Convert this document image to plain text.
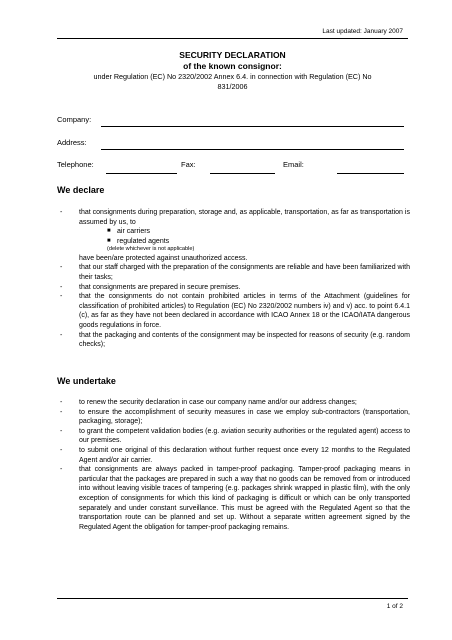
Last updated: January 2007
SECURITY DECLARATION
of the known consignor:
under Regulation (EC) No 2320/2002 Annex 6.4. in connection with Regulation (EC) No
831/2006
Company:
Address:
Telephone:	Fax:	Email:
We declare

- that consignments during preparation, storage and, as applicable, transportation, as far as transportation is assumed by us, to

■ air carriers

■ regulated agents

(delete whichever is not applicable)

have been/are protected against unauthorized access.

- that our staff charged with the preparation of the consignments are reliable and have been familiarized with their tasks;

- that consignments are prepared in secure premises.

- that the consignments do not contain prohibited articles in terms of the Attachment (guidelines for classification of prohibited articles) to Regulation (EC) No 2320/2002 numbers iv) and v) acc. to point 6.4.1 (c), as far as they have not been declared in accordance with ICAO Annex 18 or the ICAO/IATA dangerous goods regulations in force.

- that the packaging and contents of the consignment may be inspected for reasons of security (e.g. random checks);

We undertake

- to renew the security declaration in case our company name and/or our address changes;

- to ensure the accomplishment of security measures in case we employ sub-contractors (transportation, packaging, storage);

- to grant the competent validation bodies (e.g. aviation security authorities or the regulated agent) access to our premises.

- to submit one original of this declaration without further request once every 12 months to the Regulated Agent and/or air carrier.

- that consignments are always packed in tamper-proof packaging. Tamper-proof packaging means in particular that the packages are prepared in such a way that no goods can be removed from or introduced into without leaving visible traces of tampering (e.g. packages shrink wrapped in plastic film), with the only exception of consignments for which this kind of packaging is difficult or which can be only transported separately and under constant surveillance. This must be agreed with the Regulated Agent so that the transportation route can be planned and set up. Without a separate written agreement signed by the Regulated Agent the obligation for tamper-proof packaging remains.

1 of 2
